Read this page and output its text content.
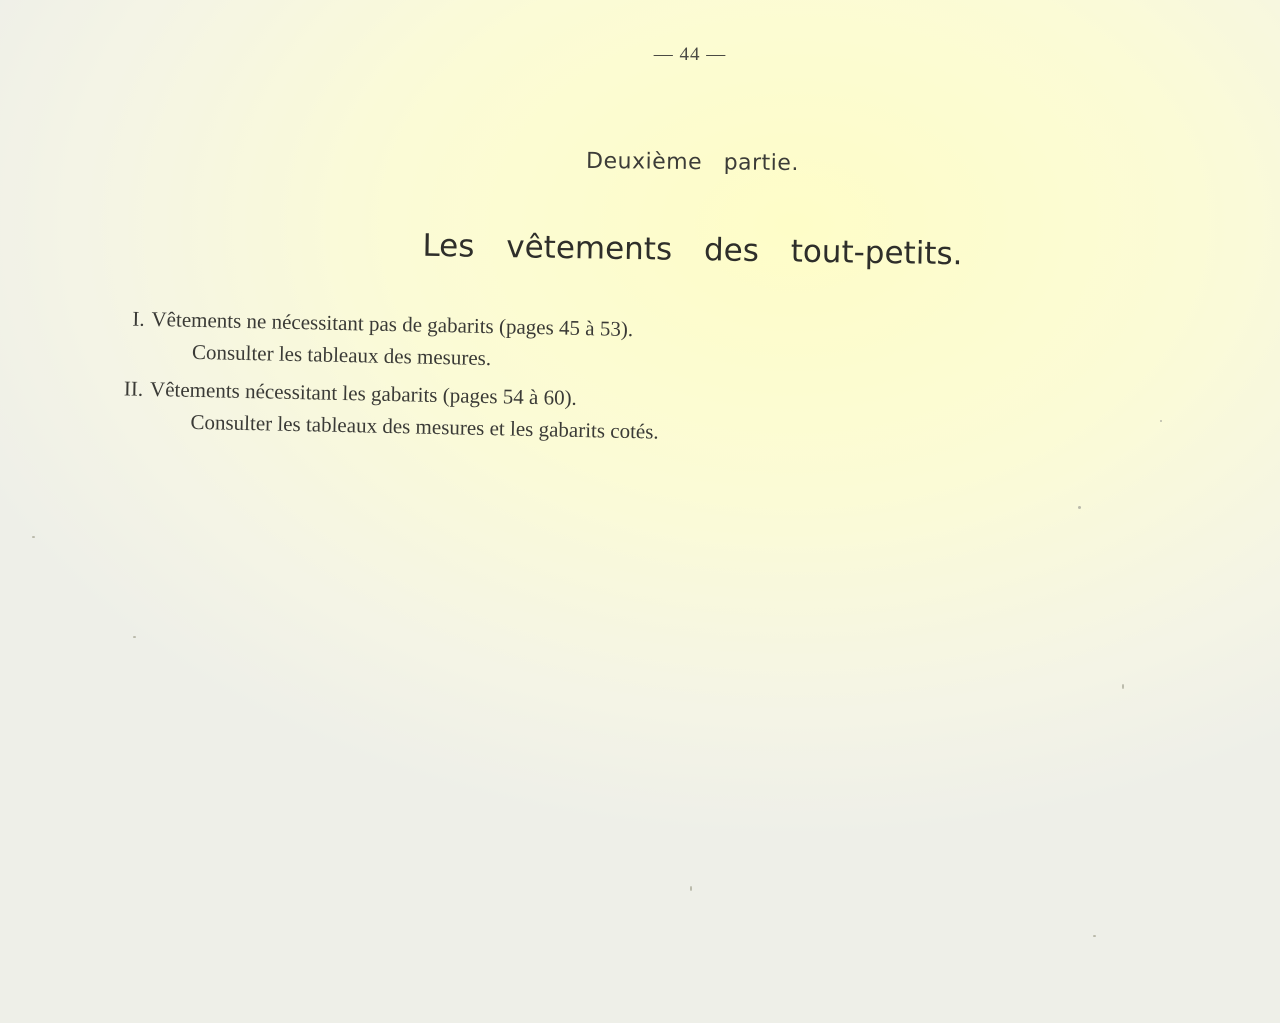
— 44 —
Deuxième partie.
Les vêtements des tout-petits.
I. Vêtements ne nécessitant pas de gabarits (pages 45 à 53).
Consulter les tableaux des mesures.
II. Vêtements nécessitant les gabarits (pages 54 à 60).
Consulter les tableaux des mesures et les gabarits cotés.
